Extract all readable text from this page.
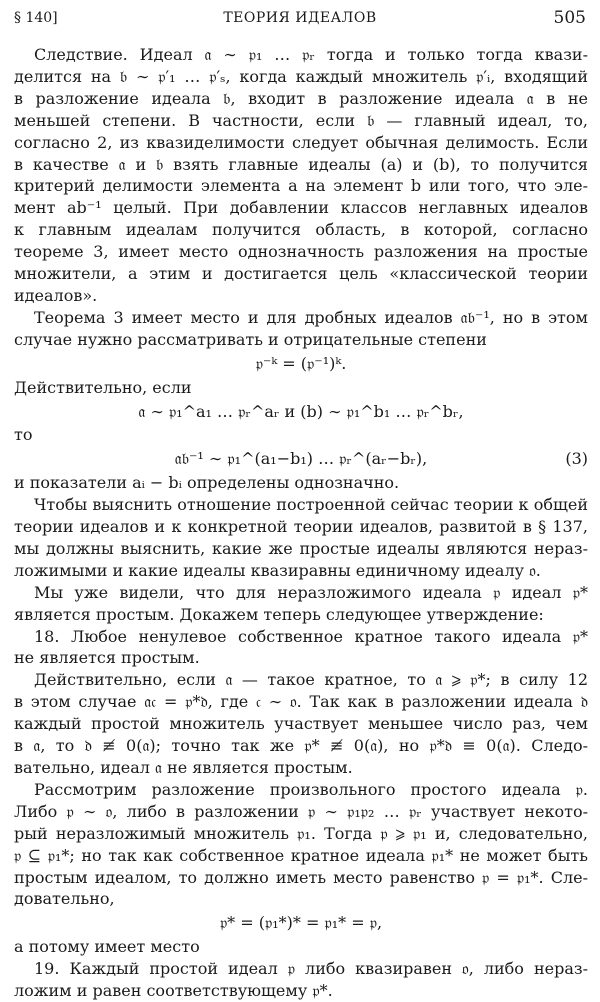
§ 140]	ТЕОРИЯ ИДЕАЛОВ	505
Следствие. Идеал 𝔞 ∼ 𝔭₁ … 𝔭ᵣ тогда и только тогда квази-
делится на 𝔟 ∼ 𝔭′₁ … 𝔭′ₛ, когда каждый множитель 𝔭′ᵢ, входящий
в разложение идеала 𝔟, входит в разложение идеала 𝔞 в не
меньшей степени. В частности, если 𝔟 — главный идеал, то,
согласно 2, из квазиделимости следует обычная делимость. Если
в качестве 𝔞 и 𝔟 взять главные идеалы (a) и (b), то получится
критерий делимости элемента a на элемент b или того, что эле-
мент ab⁻¹ целый. При добавлении классов неглавных идеалов
к главным идеалам получится область, в которой, согласно
теореме 3, имеет место однозначность разложения на простые
множители, а этим и достигается цель «классической теории
идеалов».
Теорема 3 имеет место и для дробных идеалов 𝔞𝔟⁻¹, но в этом
случае нужно рассматривать и отрицательные степени
𝔭⁻ᵏ = (𝔭⁻¹)ᵏ.
Действительно, если
𝔞 ∼ 𝔭₁^a₁ … 𝔭ᵣ^aᵣ и (b) ∼ 𝔭₁^b₁ … 𝔭ᵣ^bᵣ,
то
𝔞𝔟⁻¹ ∼ 𝔭₁^(a₁−b₁) … 𝔭ᵣ^(aᵣ−bᵣ),	(3)
и показатели aᵢ − bᵢ определены однозначно.
Чтобы выяснить отношение построенной сейчас теории к общей
теории идеалов и к конкретной теории идеалов, развитой в § 137,
мы должны выяснить, какие же простые идеалы являются нераз-
ложимыми и какие идеалы квазиравны единичному идеалу 𝔬.
Мы уже видели, что для неразложимого идеала 𝔭 идеал 𝔭*
является простым. Докажем теперь следующее утверждение:
18. Любое ненулевое собственное кратное такого идеала 𝔭*
не является простым.
Действительно, если 𝔞 — такое кратное, то 𝔞 ⩾ 𝔭*; в силу 12
в этом случае 𝔞𝔠 = 𝔭*𝔡, где 𝔠 ∼ 𝔬. Так как в разложении идеала 𝔡
каждый простой множитель участвует меньшее число раз, чем
в 𝔞, то 𝔡 ≢ 0(𝔞); точно так же 𝔭* ≢ 0(𝔞), но 𝔭*𝔡 ≡ 0(𝔞). Следо-
вательно, идеал 𝔞 не является простым.
Рассмотрим разложение произвольного простого идеала 𝔭.
Либо 𝔭 ∼ 𝔬, либо в разложении 𝔭 ∼ 𝔭₁𝔭₂ … 𝔭ᵣ участвует некото-
рый неразложимый множитель 𝔭₁. Тогда 𝔭 ⩾ 𝔭₁ и, следовательно,
𝔭 ⊆ 𝔭₁*; но так как собственное кратное идеала 𝔭₁* не может быть
простым идеалом, то должно иметь место равенство 𝔭 = 𝔭₁*. Сле-
довательно,
𝔭* = (𝔭₁*)* = 𝔭₁* = 𝔭,
а потому имеет место
19. Каждый простой идеал 𝔭 либо квазиравен 𝔬, либо нераз-
ложим и равен соответствующему 𝔭*.
